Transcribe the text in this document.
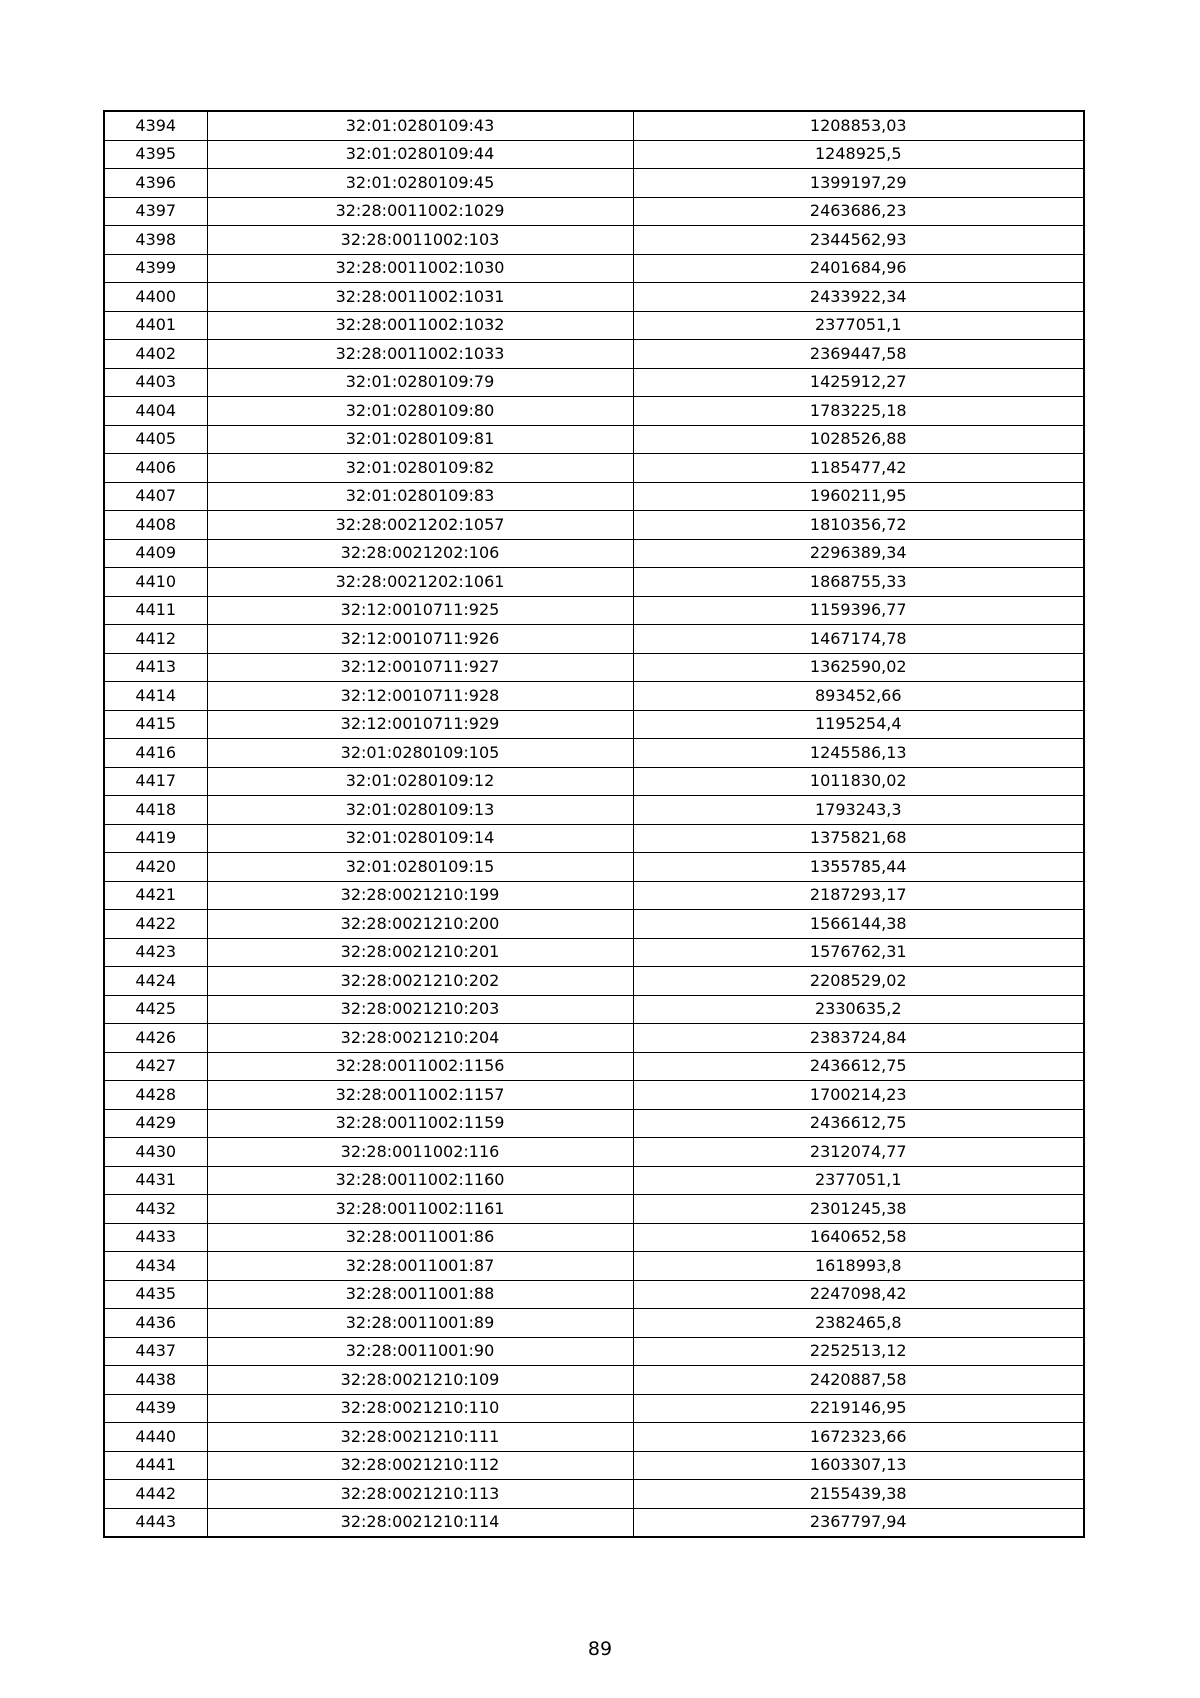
4394	32:01:0280109:43	1208853,03
4395	32:01:0280109:44	1248925,5
4396	32:01:0280109:45	1399197,29
4397	32:28:0011002:1029	2463686,23
4398	32:28:0011002:103	2344562,93
4399	32:28:0011002:1030	2401684,96
4400	32:28:0011002:1031	2433922,34
4401	32:28:0011002:1032	2377051,1
4402	32:28:0011002:1033	2369447,58
4403	32:01:0280109:79	1425912,27
4404	32:01:0280109:80	1783225,18
4405	32:01:0280109:81	1028526,88
4406	32:01:0280109:82	1185477,42
4407	32:01:0280109:83	1960211,95
4408	32:28:0021202:1057	1810356,72
4409	32:28:0021202:106	2296389,34
4410	32:28:0021202:1061	1868755,33
4411	32:12:0010711:925	1159396,77
4412	32:12:0010711:926	1467174,78
4413	32:12:0010711:927	1362590,02
4414	32:12:0010711:928	893452,66
4415	32:12:0010711:929	1195254,4
4416	32:01:0280109:105	1245586,13
4417	32:01:0280109:12	1011830,02
4418	32:01:0280109:13	1793243,3
4419	32:01:0280109:14	1375821,68
4420	32:01:0280109:15	1355785,44
4421	32:28:0021210:199	2187293,17
4422	32:28:0021210:200	1566144,38
4423	32:28:0021210:201	1576762,31
4424	32:28:0021210:202	2208529,02
4425	32:28:0021210:203	2330635,2
4426	32:28:0021210:204	2383724,84
4427	32:28:0011002:1156	2436612,75
4428	32:28:0011002:1157	1700214,23
4429	32:28:0011002:1159	2436612,75
4430	32:28:0011002:116	2312074,77
4431	32:28:0011002:1160	2377051,1
4432	32:28:0011002:1161	2301245,38
4433	32:28:0011001:86	1640652,58
4434	32:28:0011001:87	1618993,8
4435	32:28:0011001:88	2247098,42
4436	32:28:0011001:89	2382465,8
4437	32:28:0011001:90	2252513,12
4438	32:28:0021210:109	2420887,58
4439	32:28:0021210:110	2219146,95
4440	32:28:0021210:111	1672323,66
4441	32:28:0021210:112	1603307,13
4442	32:28:0021210:113	2155439,38
4443	32:28:0021210:114	2367797,94
89
